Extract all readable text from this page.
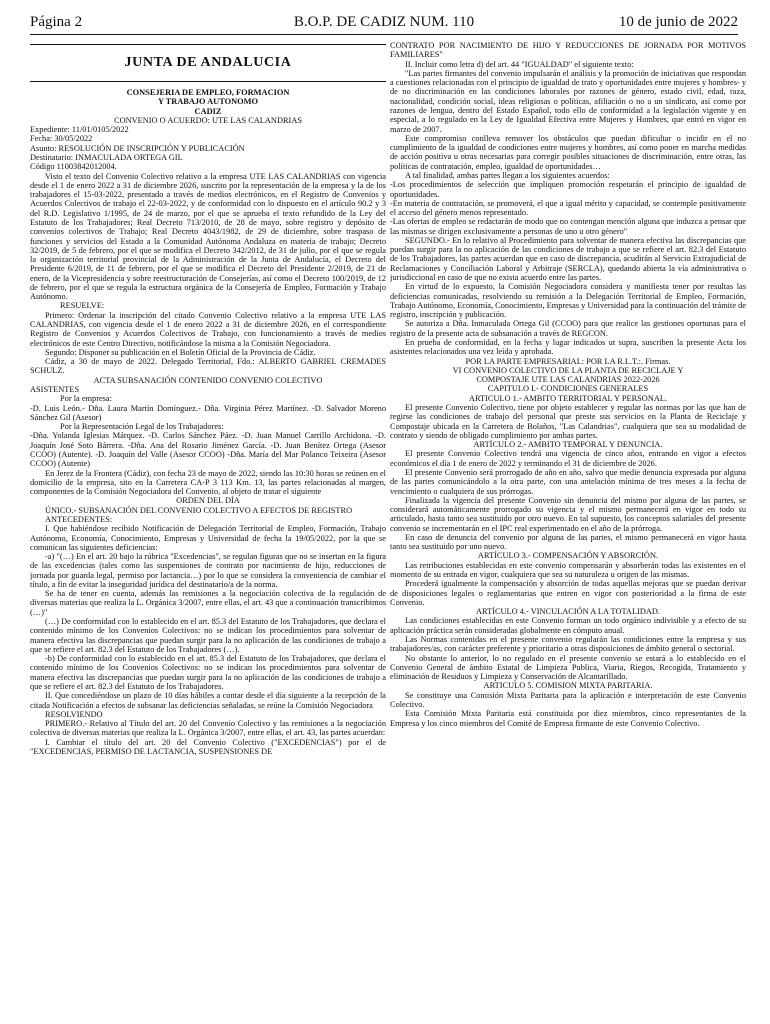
Página 2	B.O.P. DE CADIZ NUM. 110	10 de junio de 2022
JUNTA DE ANDALUCIA

CONSEJERIA DE EMPLEO, FORMACION

Y TRABAJO AUTONOMO

CADIZ

CONVENIO O ACUERDO: UTE LAS CALANDRIAS

Expediente: 11/01/0105/2022

Fecha: 30/05/2022

Asunto: RESOLUCIÓN DE INSCRIPCIÓN Y PUBLICACIÓN

Destinatario: INMACULADA ORTEGA GIL

Código 11003842012004.

Visto el texto del Convenio Colectivo relativo a la empresa UTE LAS CALANDRIAS con vigencia desde el 1 de enero 2022 a 31 de diciembre 2026, suscrito por la representación de la empresa y la de los trabajadores el 15-03-2022, presentado a través de medios electrónicos, en el Registro de Convenios y Acuerdos Colectivos de trabajo el 22-03-2022, y de conformidad con lo dispuesto en el artículo 90.2 y 3 del R.D. Legislativo 1/1995, de 24 de marzo, por el que se aprueba el texto refundido de la Ley del Estatuto de los Trabajadores; Real Decreto 713/2010, de 28 de mayo, sobre registro y depósito de convenios colectivos de Trabajo; Real Decreto 4043/1982, de 29 de diciembre, sobre traspaso de funciones y servicios del Estado a la Comunidad Autónoma Andaluza en materia de trabajo; Decreto 32/2019, de 5 de febrero, por el que se modifica el Decreto 342/2012, de 31 de julio, por el que se regula la organización territorial provincial de la Administración de la Junta de Andalucía, el Decreto del Presidente 6/2019, de 11 de febrero, por el que se modifica el Decreto del Presidente 2/2019, de 21 de enero, de la Vicepresidencia y sobre reestructuración de Consejerías, así como el Decreto 100/2019, de 12 de febrero, por el que se regula la estructura orgánica de la Consejería de Empleo, Formación y Trabajo Autónomo.

RESUELVE:

Primero: Ordenar la inscripción del citado Convenio Colectivo relativo a la empresa UTE LAS CALANDRIAS, con vigencia desde el 1 de enero 2022 a 31 de diciembre 2026, en el correspondiente Registro de Convenios y Acuerdos Colectivos de Trabajo, con funcionamiento a través de medios electrónicos de este Centro Directivo, notificándose la misma a la Comisión Negociadora.

Segundo: Disponer su publicación en el Boletín Oficial de la Provincia de Cádiz.

Cádiz, a 30 de mayo de 2022. Delegado Territorial, Fdo.: ALBERTO GABRIEL CREMADES SCHULZ.

ACTA SUBSANACIÓN CONTENIDO CONVENIO COLECTIVO

ASISTENTES

Por la empresa:

-D. Luis León.- Dña. Laura Martín Domínguez.- Dña. Virginia Pérez Martínez. -D. Salvador Moreno Sánchez Gil (Asesor)

Por la Representación Legal de los Trabajadores:

-Dña. Yolanda Iglesias Márquez. -D. Carlos Sánchez Páez. -D. Juan Manuel Carrillo Archidona. -D. Joaquín José Soto Bárrera. -Dña. Ana del Rosario Jiménez García. -D. Juan Benítez Ortega (Asesor CCOO) (Autente). -D. Joaquín del Valle (Asesor CCOO) -Dña. María del Mar Polanco Teixeira (Asesor CCOO) (Autente)

En Jerez de la Frontera (Cádiz), con fecha 23 de mayo de 2022, siendo las 10:30 horas se reúnen en el domicilio de la empresa, sito en la Carretera CA-P 3 113 Km. 13, las partes relacionadas al margen, componentes de la Comisión Negociadora del Convenio, al objeto de tratar el siguiente

ORDEN DEL DÍA

ÚNICO.- SUBSANACIÓN DEL CONVENIO COLECTIVO A EFECTOS DE REGISTRO

ANTECEDENTES:

I. Que habiéndose recibido Notificación de Delegación Territorial de Empleo, Formación, Trabajo Autónomo, Economía, Conocimiento, Empresas y Universidad de fecha la 19/05/2022, por la que se comunican las siguientes deficiencias:

-a) "(…) En el art. 20 bajo la rúbrica "Excedencias", se regulan figuras que no se insertan en la figura de las excedencias (tales como las suspensiones de contrato por nacimiento de hijo, reducciones de jornada por guarda legal, permiso por lactancia…) por lo que se considera la conveniencia de cambiar el título, a fin de evitar la inseguridad jurídica del destinatario/a de la norma.

Se ha de tener en cuenta, además las remisiones a la negociación colectiva de la regulación de diversas materias que realiza la L. Orgánica 3/2007, entre ellas, el art. 43 que a continuación transcribimos (…)"

(…) De conformidad con lo establecido en el art. 85.3 del Estatuto de los Trabajadores, que declara el contenido mínimo de los Convenios Colectivos: no se indican los procedimientos para solventar de manera efectiva las discrepancias que puedan surgir para la no aplicación de las condiciones de trabajo a que se refiere el art. 82.3 del Estatuto de los Trabajadores (…).

-b) De conformidad con lo establecido en el art. 85.3 del Estatuto de los Trabajadores, que declara el contenido mínimo de los Convenios Colectivos: no se indican los procedimientos para solventar de manera efectiva las discrepancias que puedan surgir para la no aplicación de las condiciones de trabajo a que se refiere el art. 82.3 del Estatuto de los Trabajadores.

II. Que concediéndose un plazo de 10 días hábiles a contar desde el día siguiente a la recepción de la citada Notificación a efectos de subsanar las deficiencias señaladas, se reúne la Comisión Negociadora

RESOLVIENDO

PRIMERO.- Relativo al Título del art. 20 del Convenio Colectivo y las remisiones a la negociación colectiva de diversas materias que realiza la L. Orgánica 3/2007, entre ellas, el art. 43, las partes acuerdan:

I. Cambiar el título del art. 20 del Convenio Colectivo ("EXCEDENCIAS") por el de "EXCEDENCIAS, PERMISO DE LACTANCIA, SUSPENSIONES DE

CONTRATO POR NACIMIENTO DE HIJO Y REDUCCIONES DE JORNADA POR MOTIVOS FAMILIARES"

II. Incluir como letra d) del art. 44 "IGUALDAD" el siguiente texto:

"Las partes firmantes del convenio impulsarán el análisis y la promoción de iniciativas que respondan a cuestiones relacionadas con el principio de igualdad de trato y oportunidades entre mujeres y hombres- y de no discriminación en las condiciones laborales por razones de género, estado civil, edad, raza, nacionalidad, condición social, ideas religiosas o políticas, afiliación o no a un sindicato, así como por razones de lengua, dentro del Estado Español, todo ello de conformidad a la legislación vigente y en especial, a lo regulado en la Ley de Igualdad Efectiva entre Mujeres y Hombres, que entró en vigor en marzo de 2007.

Este compromiso conlleva remover los obstáculos que puedan dificultar o incidir en el no cumplimiento de la igualdad de condiciones entre mujeres y hombres, así como poner en marcha medidas de acción positiva u otras necesarias para corregir posibles situaciones de discriminación, entre otras, las políticas de contratación, empleo, igualdad de oportunidades…

A tal finalidad, ambas partes llegan a los siguientes acuerdos:

-Los procedimientos de selección que impliquen promoción respetarán el principio de igualdad de oportunidades.

-En materia de contratación, se promoverá, el que a igual mérito y capacidad, se contemple positivamente el acceso del género menos representado.

-Las ofertas de empleo se redactarán de modo que no contengan mención alguna que induzca a pensar que las mismas se dirigen exclusivamente a personas de uno u otro género"

SEGUNDO.- En lo relativo al Procedimiento para solventar de manera efectiva las discrepancias que puedan surgir para la no aplicación de las condiciones de trabajo a que se refiere el art. 82.3 del Estatuto de los Trabajadores, las partes acuerdan que en caso de discrepancia, acudirán al Servicio Extrajudicial de Reclamaciones y Conciliación Laboral y Arbitraje (SERCLA), quedando abierta la vía administrativa o jurisdiccional en caso de que no exista acuerdo entre las partes.

En virtud de lo expuesto, la Comisión Negociadora considera y manifiesta tener por resultas las deficiencias comunicadas, resolviendo su remisión a la Delegación Territorial de Empleo, Formación, Trabajo Autónomo, Economía, Conocimiento, Empresas y Universidad para la continuación del trámite de registro, inscripción y publicación.

Se autoriza a Dña. Inmaculada Ortega Gil (CCOO) para que realice las gestiones oportunas para el registro de la presente acta de subsanación a través de REGCON.

En prueba de conformidad, en la fecha y lugar indicados ut supra, suscriben la presente Acta los asistentes relacionados una vez leída y aprobada.

POR LA PARTE EMPRESARIAL: POR LA R.L.T.:. Firmas.

VI CONVENIO COLECTIVO DE LA PLANTA DE RECICLAJE Y

COMPOSTAJE UTE LAS CALANDRIAS 2022-2026

CAPITULO I.- CONDICIONES GENERALES

ARTICULO 1.- AMBITO TERRITORIAL Y PERSONAL.

El presente Convenio Colectivo, tiene por objeto establecer y regular las normas por las que han de regirse las condiciones de trabajo del personal que preste sus servicios en la Planta de Reciclaje y Compostaje ubicada en la Carretera de Bolaños, "Las Calandrias", cualquiera que sea su modalidad de contrato y siendo de obligado cumplimiento por ambas partes.

ARTÍCULO 2.- AMBITO TEMPORAL Y DENUNCIA.

El presente Convenio Colectivo tendrá una vigencia de cinco años, entrando en vigor a efectos económicos el día 1 de enero de 2022 y terminando el 31 de diciembre de 2026.

El presente Convenio será prorrogado de año en año, salvo que medie denuncia expresada por alguna de las partes comunicándolo a la otra parte, con una antelación mínima de tres meses a la fecha de vencimiento o cualquiera de sus prórrogas.

Finalizada la vigencia del presente Convenio sin denuncia del mismo por alguna de las partes, se considerará automáticamente prorrogado su vigencia y el mismo permanecerá en vigor en todo su articulado, hasta tanto sea sustituido por otro nuevo. En tal supuesto, los conceptos salariales del presente convenio se incrementarán en el IPC real experimentado en el año de la prórroga.

En caso de denuncia del convenio por alguna de las partes, el mismo permanecerá en vigor hasta tanto sea sustituido por uno nuevo.

ARTÍCULO 3.- COMPENSACIÓN Y ABSORCIÓN.

Las retribuciones establecidas en este convenio compensarán y absorberán todas las existentes en el momento de su entrada en vigor, cualquiera que sea su naturaleza u origen de las mismas.

Procederá igualmente la compensación y absorción de todas aquellas mejoras que se puedan derivar de disposiciones legales o reglamentarias que entren en vigor con posterioridad a la firma de este Convenio.

ARTÍCULO 4.- VINCULACIÓN A LA TOTALIDAD.

Las condiciones establecidas en este Convenio forman un todo orgánico indivisible y a efecto de su aplicación práctica serán consideradas globalmente en cómputo anual.

Las Normas contenidas en el presente convenio regularán las condiciones entre la empresa y sus trabajadores/as, con carácter preferente y prioritario a otras disposiciones de ámbito general o sectorial.

No obstante lo anterior, lo no regulado en el presente convenio se estará a lo establecido en el Convenio General de ámbito Estatal de Limpieza Publica, Viaria, Riegos, Recogida, Tratamiento y eliminación de Residuos y Limpieza y Conservación de Alcantarillado.

ARTICULO 5. COMISION MIXTA PARITARIA.

Se constituye una Comisión Mixta Paritaria para la aplicación e interpretación de este Convenio Colectivo.

Esta Comisión Mixta Paritaria está constituida por diez miembros, cinco representantes de la Empresa y los cinco miembros del Comité de Empresa firmante de este Convenio Colectivo.
